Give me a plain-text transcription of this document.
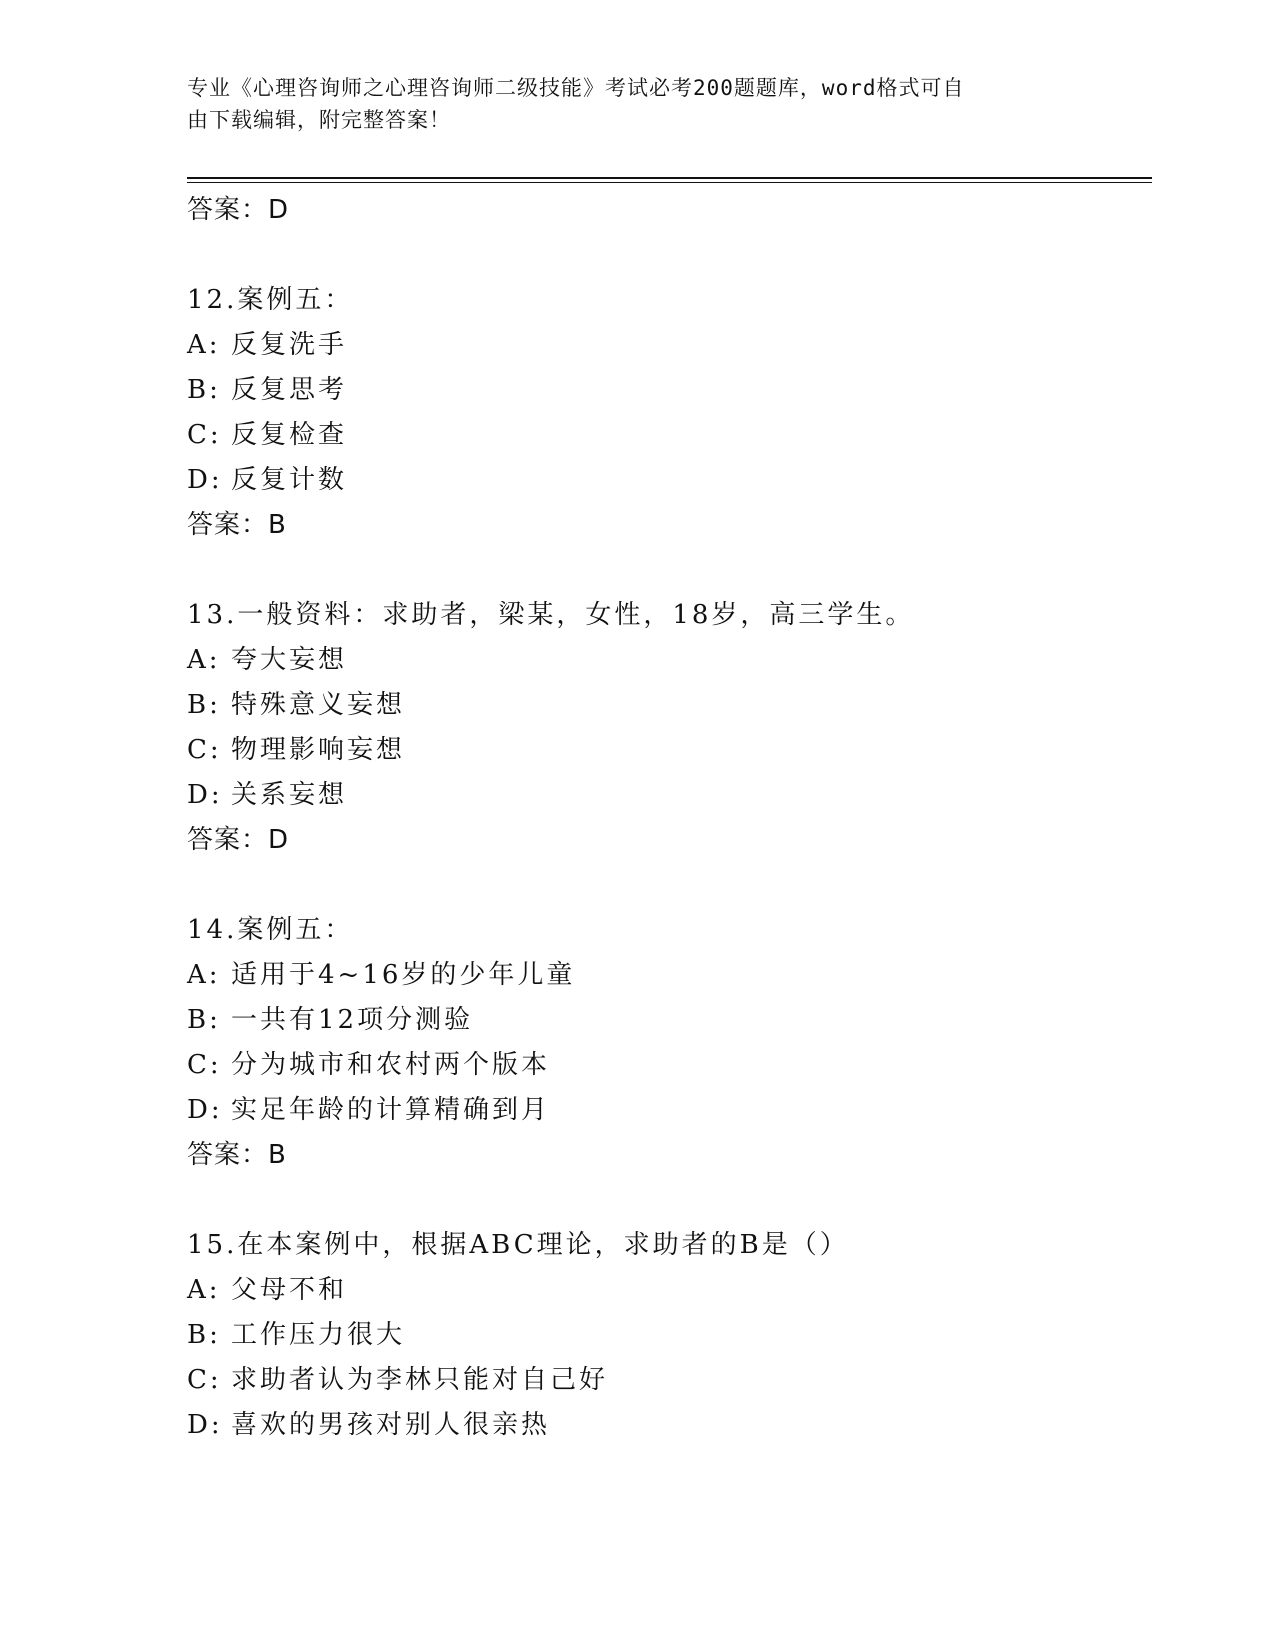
专业《心理咨询师之心理咨询师二级技能》考试必考200题题库，word格式可自
由下载编辑，附完整答案！
答案：D
12.案例五：
A: 反复洗手
B: 反复思考
C: 反复检查
D: 反复计数
答案：B
13.一般资料：求助者，梁某，女性，18岁，高三学生。
A: 夸大妄想
B: 特殊意义妄想
C: 物理影响妄想
D: 关系妄想
答案：D
14.案例五：
A: 适用于4~16岁的少年儿童
B: 一共有12项分测验
C: 分为城市和农村两个版本
D: 实足年龄的计算精确到月
答案：B
15.在本案例中，根据ABC理论，求助者的B是（）
A: 父母不和
B: 工作压力很大
C: 求助者认为李林只能对自己好
D: 喜欢的男孩对别人很亲热
